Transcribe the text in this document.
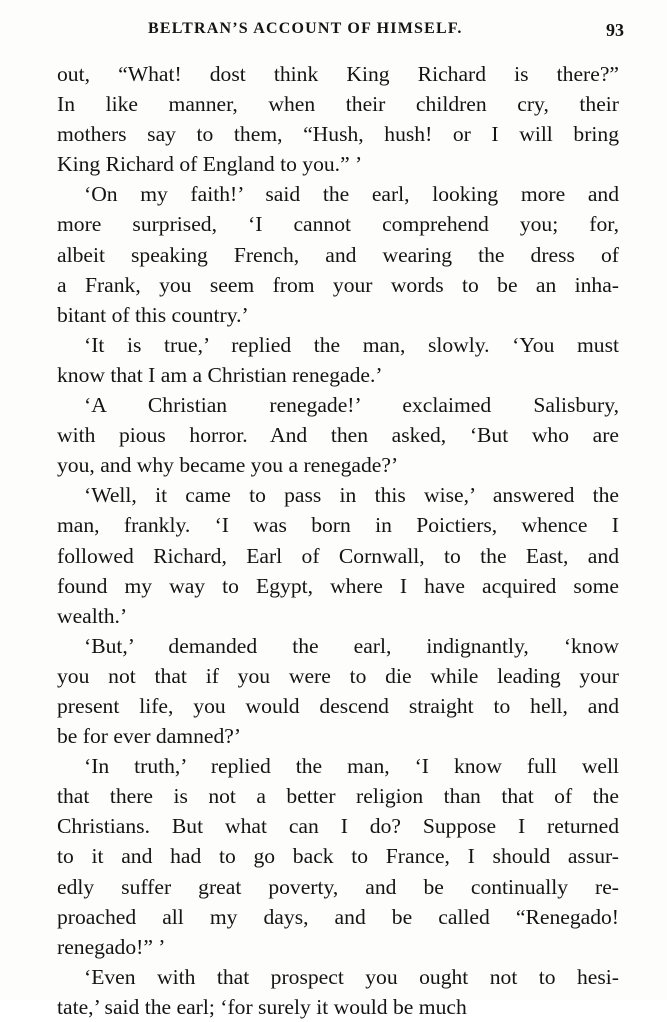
BELTRAN’S ACCOUNT OF HIMSELF.	93
out, “What! dost think King Richard is there?”
In like manner, when their children cry, their
mothers say to them, “Hush, hush! or I will bring
King Richard of England to you.” ’
‘On my faith!’ said the earl, looking more and
more surprised, ‘I cannot comprehend you; for,
albeit speaking French, and wearing the dress of
a Frank, you seem from your words to be an inha-
bitant of this country.’
‘It is true,’ replied the man, slowly. ‘You must
know that I am a Christian renegade.’
‘A Christian renegade!’ exclaimed Salisbury,
with pious horror. And then asked, ‘But who are
you, and why became you a renegade?’
‘Well, it came to pass in this wise,’ answered the
man, frankly. ‘I was born in Poictiers, whence I
followed Richard, Earl of Cornwall, to the East, and
found my way to Egypt, where I have acquired some
wealth.’
‘But,’ demanded the earl, indignantly, ‘know
you not that if you were to die while leading your
present life, you would descend straight to hell, and
be for ever damned?’
‘In truth,’ replied the man, ‘I know full well
that there is not a better religion than that of the
Christians. But what can I do? Suppose I returned
to it and had to go back to France, I should assur-
edly suffer great poverty, and be continually re-
proached all my days, and be called “Renegado!
renegado!” ’
‘Even with that prospect you ought not to hesi-
tate,’ said the earl; ‘for surely it would be much
